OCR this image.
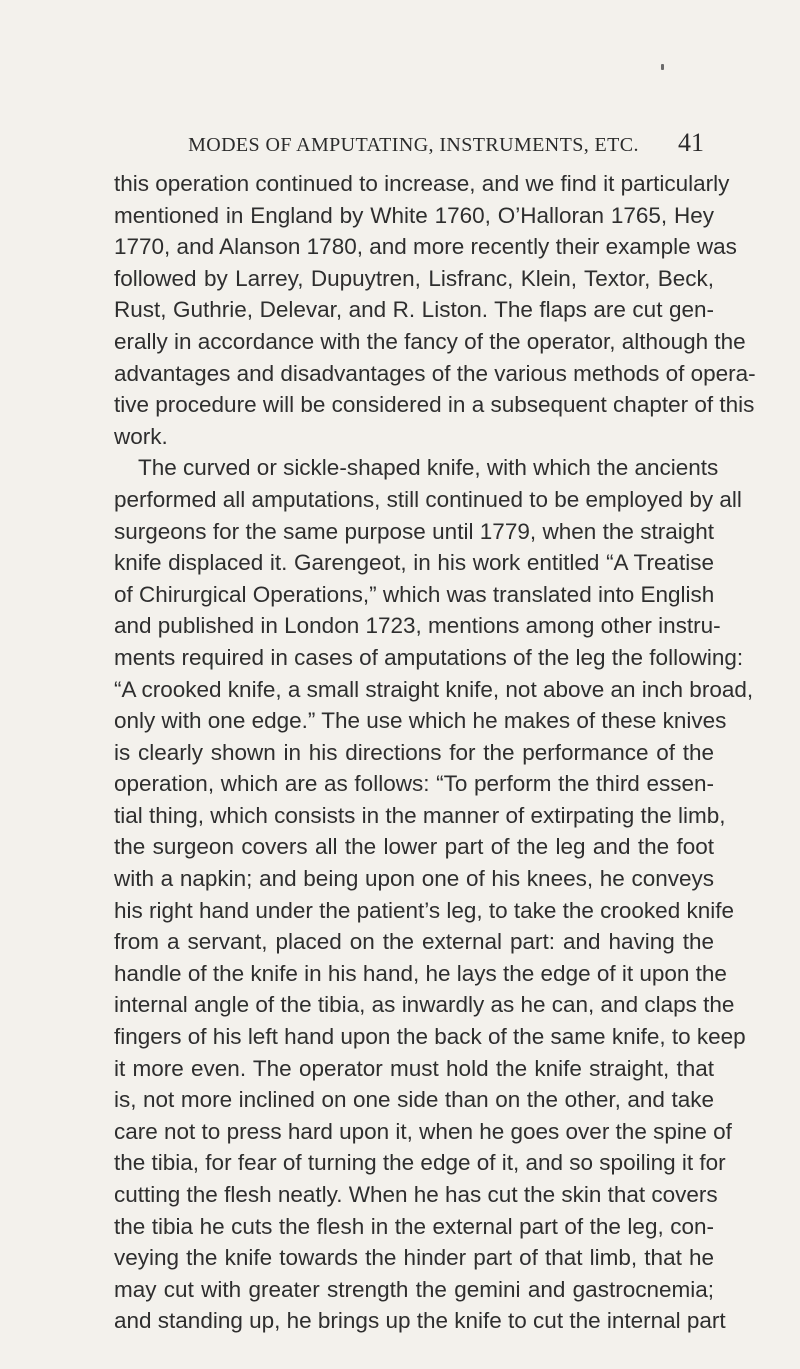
MODES OF AMPUTATING, INSTRUMENTS, ETC.	41
this operation continued to increase, and we find it particularly
mentioned in England by White 1760, O’Halloran 1765, Hey
1770, and Alanson 1780, and more recently their example was
followed by Larrey, Dupuytren, Lisfranc, Klein, Textor, Beck,
Rust, Guthrie, Delevar, and R. Liston. The flaps are cut gen-
erally in accordance with the fancy of the operator, although the
advantages and disadvantages of the various methods of opera-
tive procedure will be considered in a subsequent chapter of this
work.
The curved or sickle-shaped knife, with which the ancients
performed all amputations, still continued to be employed by all
surgeons for the same purpose until 1779, when the straight
knife displaced it. Garengeot, in his work entitled “A Treatise
of Chirurgical Operations,” which was translated into English
and published in London 1723, mentions among other instru-
ments required in cases of amputations of the leg the following:
“A crooked knife, a small straight knife, not above an inch broad,
only with one edge.” The use which he makes of these knives
is clearly shown in his directions for the performance of the
operation, which are as follows: “To perform the third essen-
tial thing, which consists in the manner of extirpating the limb,
the surgeon covers all the lower part of the leg and the foot
with a napkin; and being upon one of his knees, he conveys
his right hand under the patient’s leg, to take the crooked knife
from a servant, placed on the external part: and having the
handle of the knife in his hand, he lays the edge of it upon the
internal angle of the tibia, as inwardly as he can, and claps the
fingers of his left hand upon the back of the same knife, to keep
it more even. The operator must hold the knife straight, that
is, not more inclined on one side than on the other, and take
care not to press hard upon it, when he goes over the spine of
the tibia, for fear of turning the edge of it, and so spoiling it for
cutting the flesh neatly. When he has cut the skin that covers
the tibia he cuts the flesh in the external part of the leg, con-
veying the knife towards the hinder part of that limb, that he
may cut with greater strength the gemini and gastrocnemia;
and standing up, he brings up the knife to cut the internal part
